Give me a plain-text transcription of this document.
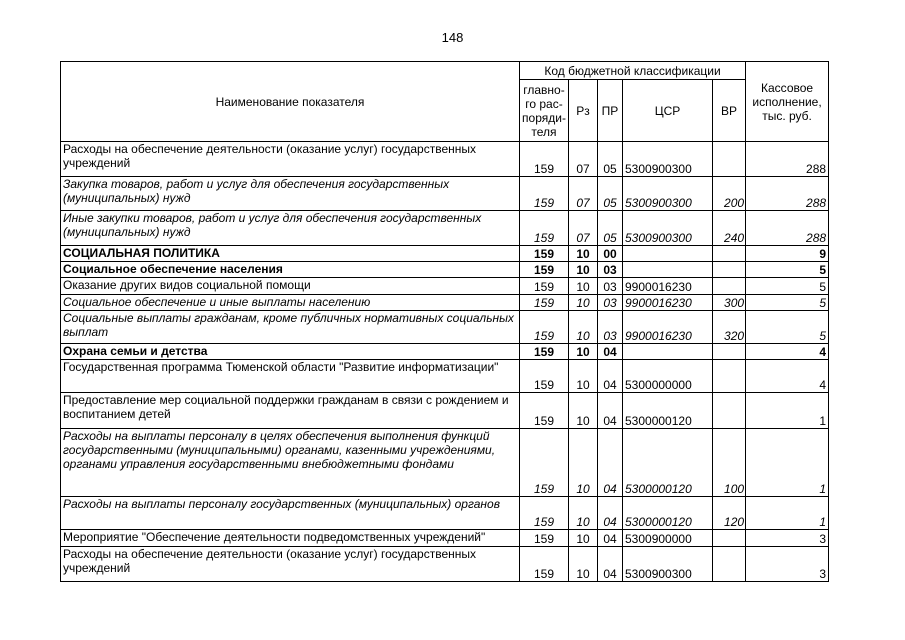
148
Наименование показателя	Код бюджетной классификации					Кассовое исполнение, тыс. руб.
	главно-го рас-поряди-теля	Рз	ПР	ЦСР	ВР	
Расходы на обеспечение деятельности (оказание услуг) государственных учреждений	159	07	05	5300900300		288
Закупка товаров, работ и услуг для обеспечения государственных (муниципальных) нужд	159	07	05	5300900300	200	288
Иные закупки товаров, работ и услуг для обеспечения государственных (муниципальных) нужд	159	07	05	5300900300	240	288
СОЦИАЛЬНАЯ ПОЛИТИКА	159	10	00			9
Социальное обеспечение населения	159	10	03			5
Оказание других видов социальной помощи	159	10	03	9900016230		5
Социальное обеспечение и иные выплаты населению	159	10	03	9900016230	300	5
Социальные выплаты гражданам, кроме публичных нормативных социальных выплат	159	10	03	9900016230	320	5
Охрана семьи и детства	159	10	04			4
Государственная программа Тюменской области "Развитие информатизации"	159	10	04	5300000000		4
Предоставление мер социальной поддержки гражданам в связи с рождением и воспитанием детей	159	10	04	5300000120		1
Расходы на выплаты персоналу в целях обеспечения выполнения функций государственными (муниципальными) органами, казенными учреждениями, органами управления государственными внебюджетными фондами	159	10	04	5300000120	100	1
Расходы на выплаты персоналу государственных (муниципальных) органов	159	10	04	5300000120	120	1
Мероприятие "Обеспечение деятельности подведомственных учреждений"	159	10	04	5300900000		3
Расходы на обеспечение деятельности (оказание услуг) государственных учреждений	159	10	04	5300900300		3
